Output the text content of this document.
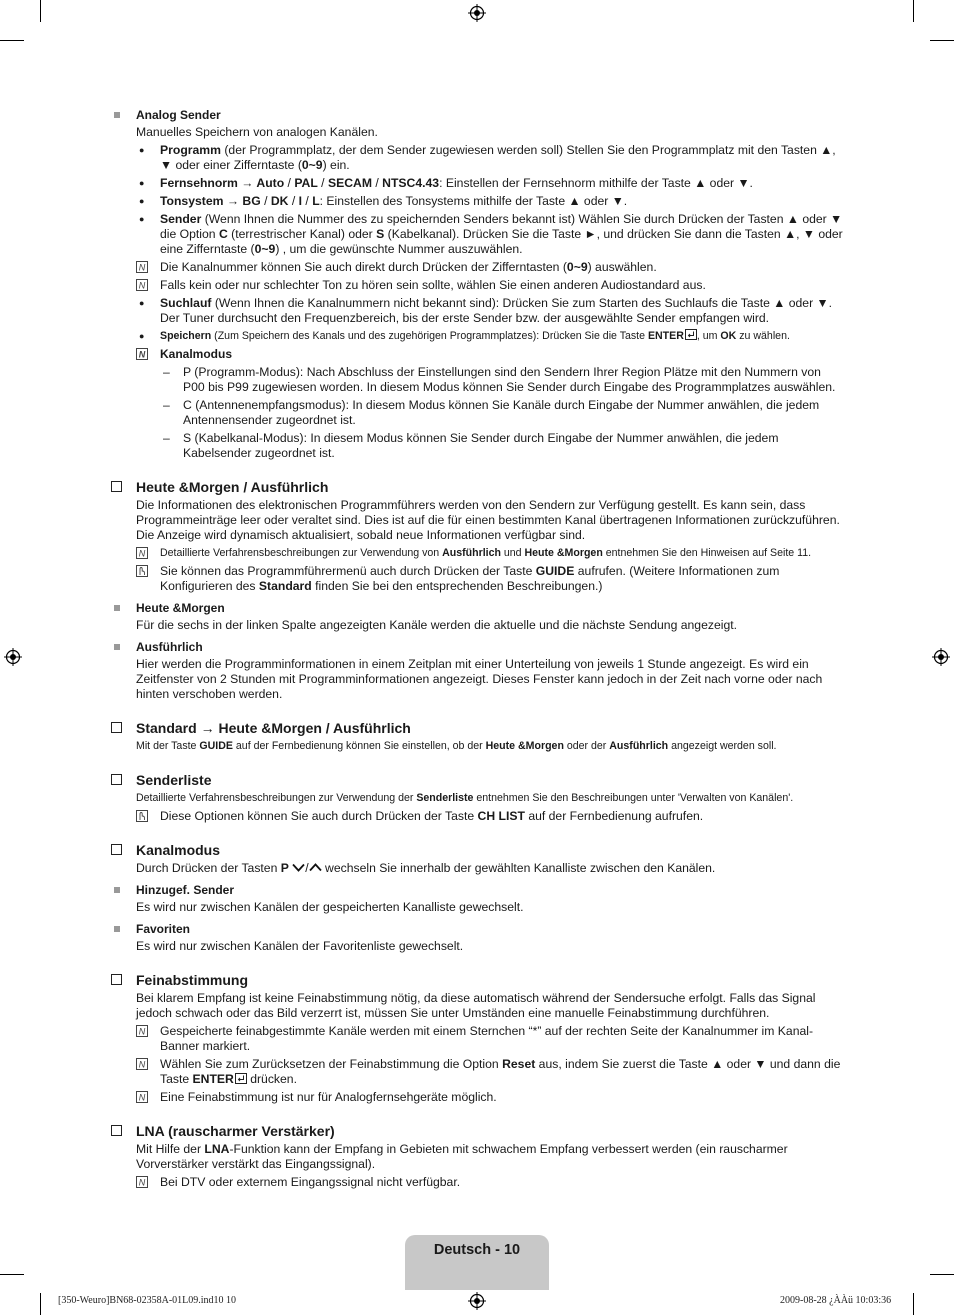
Analog Sender
Manuelles Speichern von analogen Kanälen.
● Programm (der Programmplatz, der dem Sender zugewiesen werden soll) Stellen Sie den Programmplatz mit den Tasten ▲, ▼ oder einer Zifferntaste (0~9) ein.
● Fernsehnorm → Auto / PAL / SECAM / NTSC4.43: Einstellen der Fernsehnorm mithilfe der Taste ▲ oder ▼.
● Tonsystem → BG / DK / I / L: Einstellen des Tonsystems mithilfe der Taste ▲ oder ▼.
● Sender (Wenn Ihnen die Nummer des zu speichernden Senders bekannt ist) Wählen Sie durch Drücken der Tasten ▲ oder ▼ die Option C (terrestrischer Kanal) oder S (Kabelkanal). Drücken Sie die Taste ►, und drücken Sie dann die Tasten ▲, ▼ oder eine Zifferntaste (0~9) , um die gewünschte Nummer auszuwählen.
N Die Kanalnummer können Sie auch direkt durch Drücken der Zifferntasten (0~9) auswählen.
N Falls kein oder nur schlechter Ton zu hören sein sollte, wählen Sie einen anderen Audiostandard aus.
● Suchlauf (Wenn Ihnen die Kanalnummern nicht bekannt sind): Drücken Sie zum Starten des Suchlaufs die Taste ▲ oder ▼. Der Tuner durchsucht den Frequenzbereich, bis der erste Sender bzw. der ausgewählte Sender empfangen wird.
● Speichern (Zum Speichern des Kanals und des zugehörigen Programmplatzes): Drücken Sie die Taste ENTER , um OK zu wählen.
N Kanalmodus
– P (Programm-Modus): Nach Abschluss der Einstellungen sind den Sendern Ihrer Region Plätze mit den Nummern von P00 bis P99 zugewiesen worden. In diesem Modus können Sie Sender durch Eingabe des Programmplatzes auswählen.
– C (Antennenempfangsmodus): In diesem Modus können Sie Kanäle durch Eingabe der Nummer anwählen, die jedem Antennensender zugeordnet ist.
– S (Kabelkanal-Modus): In diesem Modus können Sie Sender durch Eingabe der Nummer anwählen, die jedem Kabelsender zugeordnet ist.
Heute &Morgen / Ausführlich
Die Informationen des elektronischen Programmführers werden von den Sendern zur Verfügung gestellt. Es kann sein, dass Programmeinträge leer oder veraltet sind. Dies ist auf die für einen bestimmten Kanal übertragenen Informationen zurückzuführen. Die Anzeige wird dynamisch aktualisiert, sobald neue Informationen verfügbar sind.
N Detaillierte Verfahrensbeschreibungen zur Verwendung von Ausführlich und Heute &Morgen entnehmen Sie den Hinweisen auf Seite 11.
Sie können das Programmführermenü auch durch Drücken der Taste GUIDE aufrufen. (Weitere Informationen zum Konfigurieren des Standard finden Sie bei den entsprechenden Beschreibungen.)
Heute &Morgen
Für die sechs in der linken Spalte angezeigten Kanäle werden die aktuelle und die nächste Sendung angezeigt.
Ausführlich
Hier werden die Programminformationen in einem Zeitplan mit einer Unterteilung von jeweils 1 Stunde angezeigt. Es wird ein Zeitfenster von 2 Stunden mit Programminformationen angezeigt. Dieses Fenster kann jedoch in der Zeit nach vorne oder nach hinten verschoben werden.
Standard → Heute &Morgen / Ausführlich
Mit der Taste GUIDE auf der Fernbedienung können Sie einstellen, ob der Heute &Morgen oder der Ausführlich angezeigt werden soll.
Senderliste
Detaillierte Verfahrensbeschreibungen zur Verwendung der Senderliste entnehmen Sie den Beschreibungen unter 'Verwalten von Kanälen'.
Diese Optionen können Sie auch durch Drücken der Taste CH LIST auf der Fernbedienung aufrufen.
Kanalmodus
Durch Drücken der Tasten P / wechseln Sie innerhalb der gewählten Kanalliste zwischen den Kanälen.
Hinzugef. Sender
Es wird nur zwischen Kanälen der gespeicherten Kanalliste gewechselt.
Favoriten
Es wird nur zwischen Kanälen der Favoritenliste gewechselt.
Feinabstimmung
Bei klarem Empfang ist keine Feinabstimmung nötig, da diese automatisch während der Sendersuche erfolgt. Falls das Signal jedoch schwach oder das Bild verzerrt ist, müssen Sie unter Umständen eine manuelle Feinabstimmung durchführen.
N Gespeicherte feinabgestimmte Kanäle werden mit einem Sternchen “*” auf der rechten Seite der Kanalnummer im Kanal-Banner markiert.
N Wählen Sie zum Zurücksetzen der Feinabstimmung die Option Reset aus, indem Sie zuerst die Taste ▲ oder ▼ und dann die Taste ENTER drücken.
N Eine Feinabstimmung ist nur für Analogfernsehgeräte möglich.
LNA (rauscharmer Verstärker)
Mit Hilfe der LNA-Funktion kann der Empfang in Gebieten mit schwachem Empfang verbessert werden (ein rauscharmer Vorverstärker verstärkt das Eingangssignal).
N Bei DTV oder externem Eingangssignal nicht verfügbar.
Deutsch - 10
[350-Weuro]BN68-02358A-01L09.ind10 10	2009-08-28 ¿ÀÀü 10:03:36
